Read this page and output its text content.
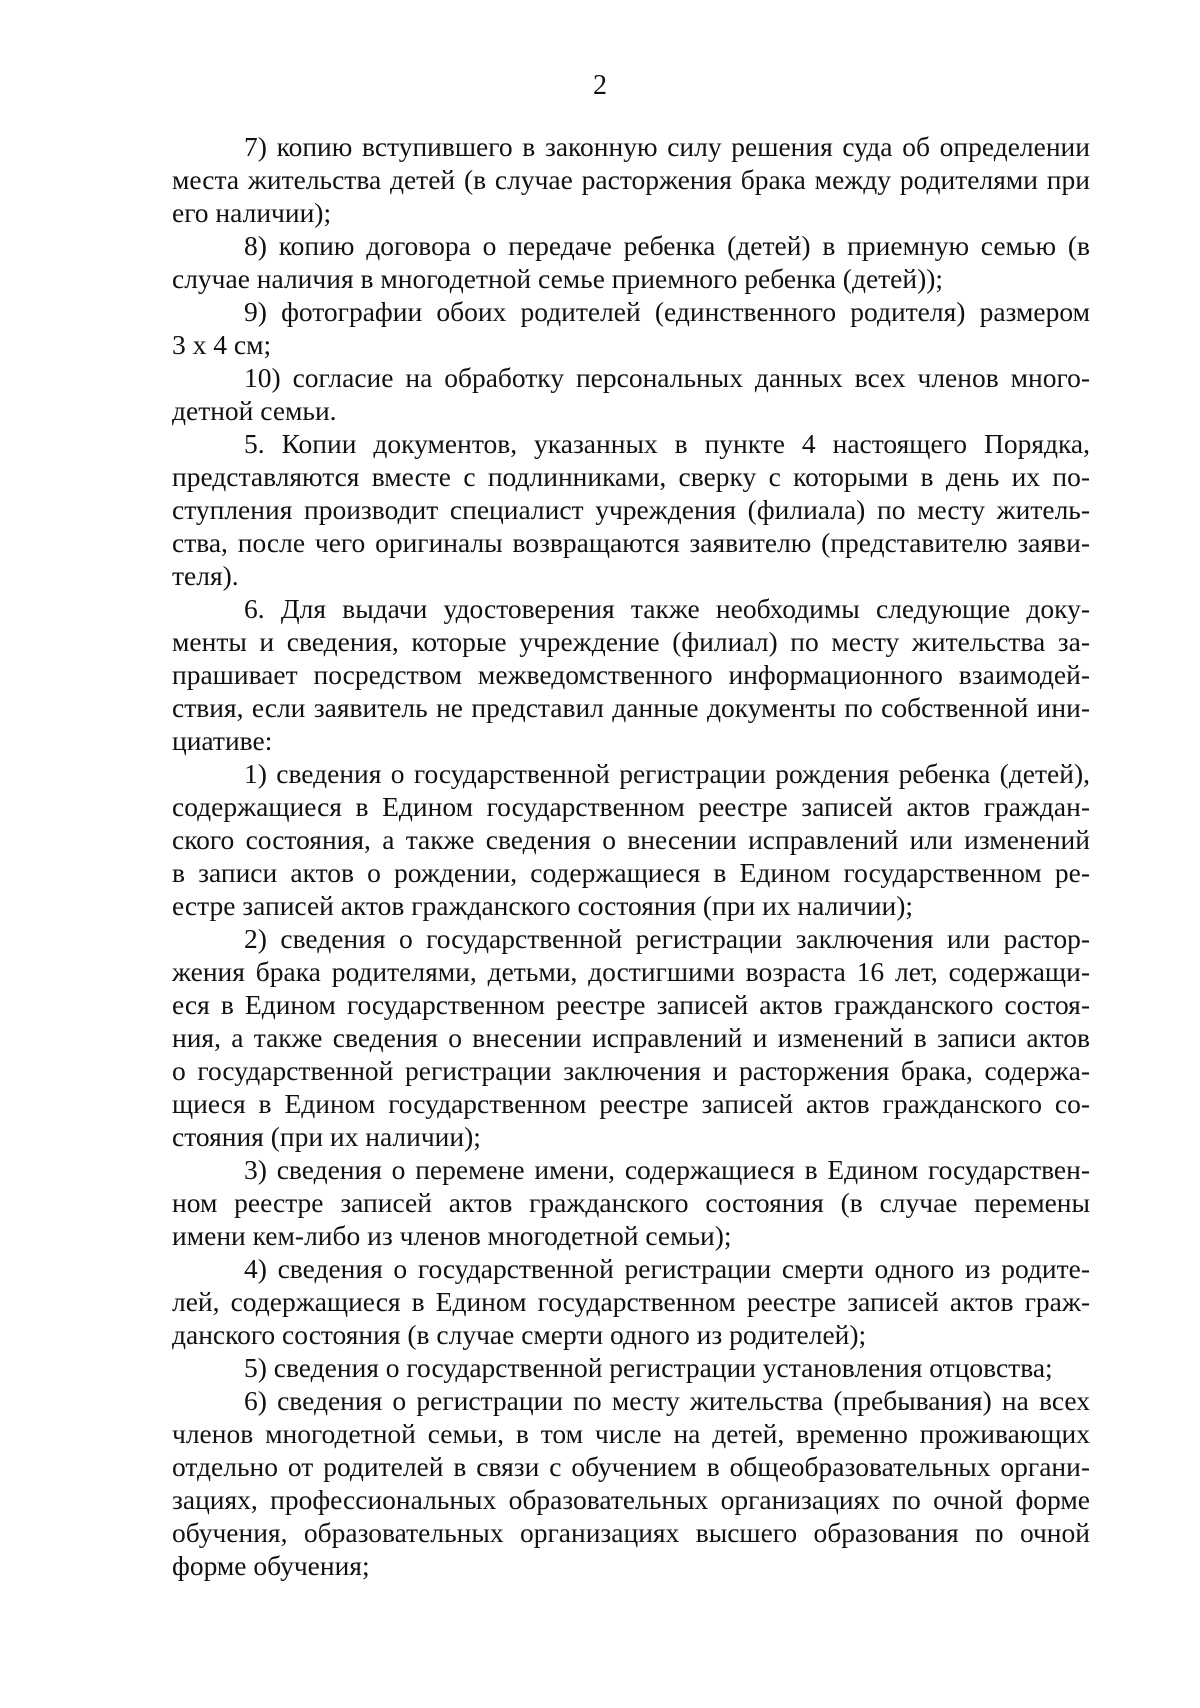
2
7) копию вступившего в законную силу решения суда об определении
места жительства детей (в случае расторжения брака между родителями при
его наличии);
8) копию договора о передаче ребенка (детей) в приемную семью (в
случае наличия в многодетной семье приемного ребенка (детей));
9) фотографии обоих родителей (единственного родителя) размером
3 x 4 см;
10) согласие на обработку персональных данных всех членов много-
детной семьи.
5. Копии документов, указанных в пункте 4 настоящего Порядка,
представляются вместе с подлинниками, сверку с которыми в день их по-
ступления производит специалист учреждения (филиала) по месту житель-
ства, после чего оригиналы возвращаются заявителю (представителю заяви-
теля).
6. Для выдачи удостоверения также необходимы следующие доку-
менты и сведения, которые учреждение (филиал) по месту жительства за-
прашивает посредством межведомственного информационного взаимодей-
ствия, если заявитель не представил данные документы по собственной ини-
циативе:
1) сведения о государственной регистрации рождения ребенка (детей),
содержащиеся в Едином государственном реестре записей актов граждан-
ского состояния, а также сведения о внесении исправлений или изменений
в записи актов о рождении, содержащиеся в Едином государственном ре-
естре записей актов гражданского состояния (при их наличии);
2) сведения о государственной регистрации заключения или растор-
жения брака родителями, детьми, достигшими возраста 16 лет, содержащи-
еся в Едином государственном реестре записей актов гражданского состоя-
ния, а также сведения о внесении исправлений и изменений в записи актов
о государственной регистрации заключения и расторжения брака, содержа-
щиеся в Едином государственном реестре записей актов гражданского со-
стояния (при их наличии);
3) сведения о перемене имени, содержащиеся в Едином государствен-
ном реестре записей актов гражданского состояния (в случае перемены
имени кем-либо из членов многодетной семьи);
4) сведения о государственной регистрации смерти одного из родите-
лей, содержащиеся в Едином государственном реестре записей актов граж-
данского состояния (в случае смерти одного из родителей);
5) сведения о государственной регистрации установления отцовства;
6) сведения о регистрации по месту жительства (пребывания) на всех
членов многодетной семьи, в том числе на детей, временно проживающих
отдельно от родителей в связи с обучением в общеобразовательных органи-
зациях, профессиональных образовательных организациях по очной форме
обучения, образовательных организациях высшего образования по очной
форме обучения;
